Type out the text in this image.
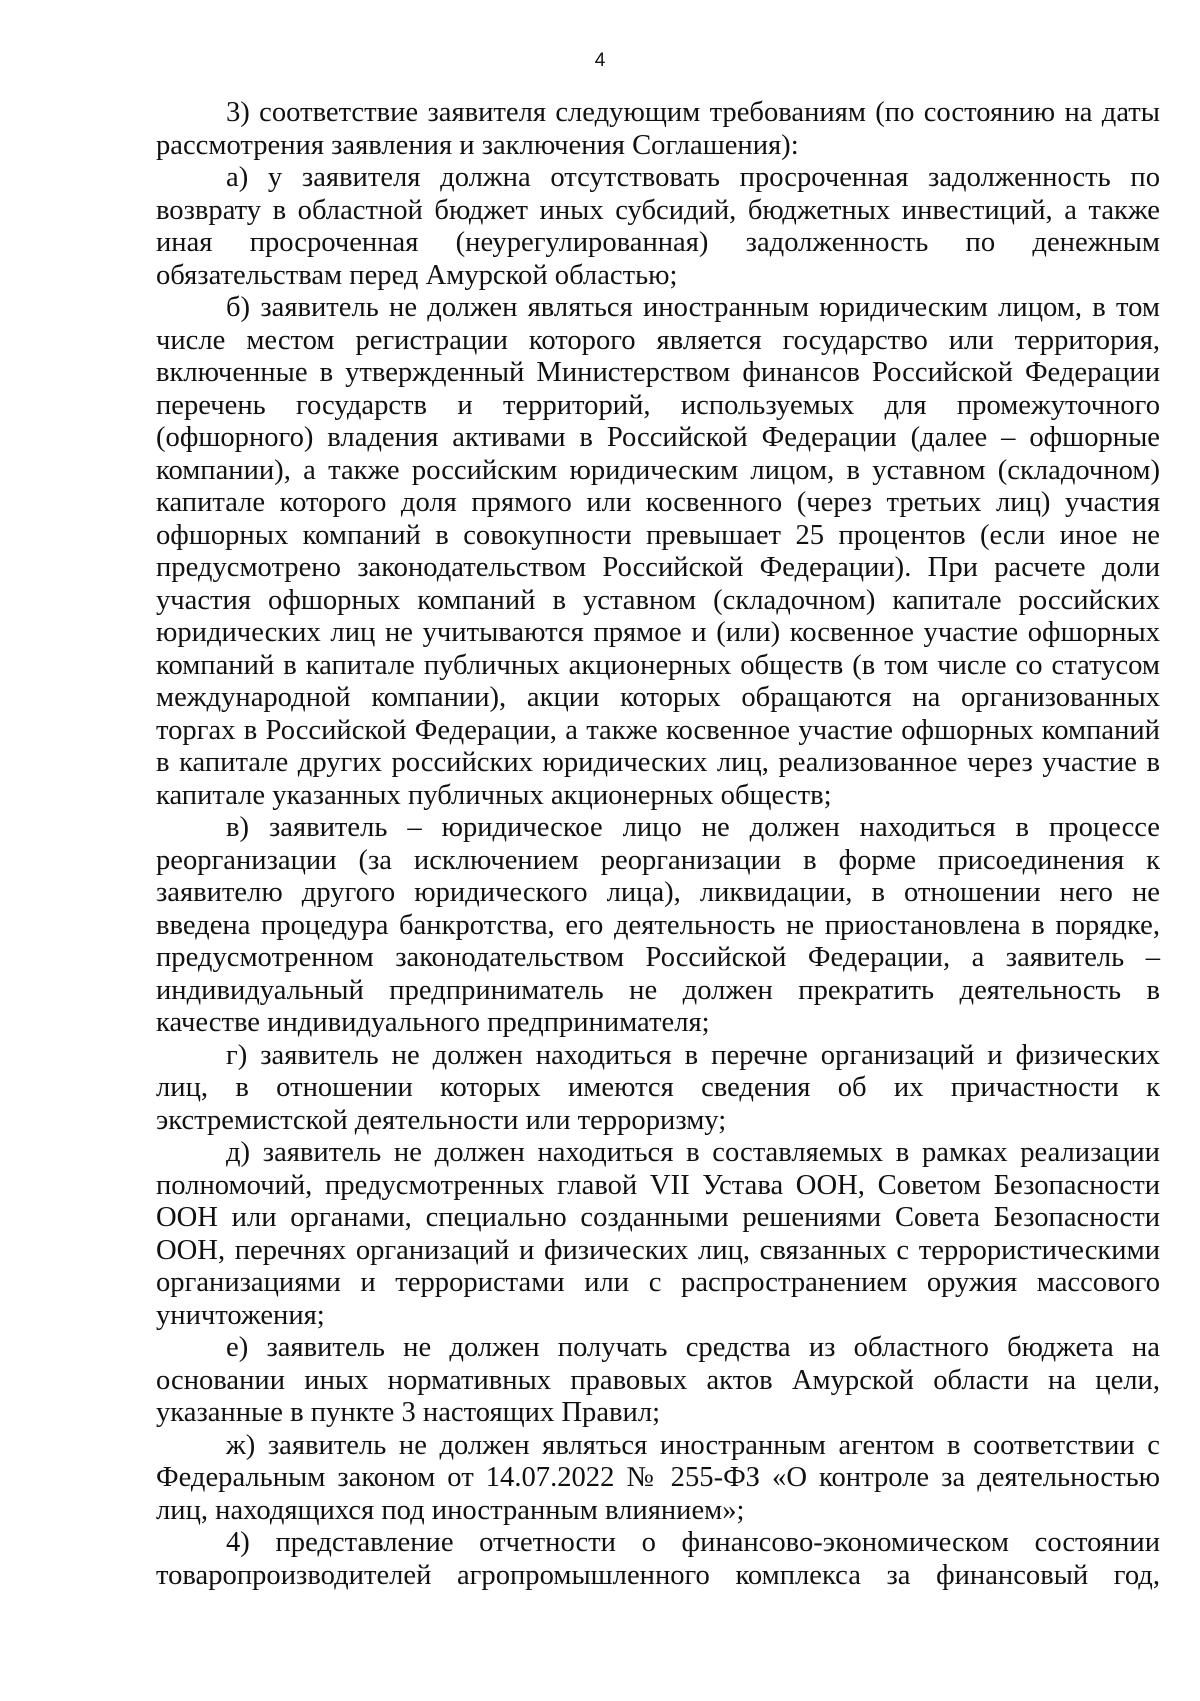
4

3) соответствие заявителя следующим требованиям (по состоянию на даты рассмотрения заявления и заключения Соглашения):

а) у заявителя должна отсутствовать просроченная задолженность по возврату в областной бюджет иных субсидий, бюджетных инвестиций, а также иная просроченная (неурегулированная) задолженность по денежным обязательствам перед Амурской областью;

б) заявитель не должен являться иностранным юридическим лицом, в том числе местом регистрации которого является государство или территория, включенные в утвержденный Министерством финансов Российской Федерации перечень государств и территорий, используемых для промежуточного (офшорного) владения активами в Российской Федерации (далее – офшорные компании), а также российским юридическим лицом, в уставном (складочном) капитале которого доля прямого или косвенного (через третьих лиц) участия офшорных компаний в совокупности превышает 25 процентов (если иное не предусмотрено законодательством Российской Федерации). При расчете доли участия офшорных компаний в уставном (складочном) капитале российских юридических лиц не учитываются прямое и (или) косвенное участие офшорных компаний в капитале публичных акционерных обществ (в том числе со статусом международной компании), акции которых обращаются на организованных торгах в Российской Федерации, а также косвенное участие офшорных компаний в капитале других российских юридических лиц, реализованное через участие в капитале указанных публичных акционерных обществ;

в) заявитель – юридическое лицо не должен находиться в процессе реорганизации (за исключением реорганизации в форме присоединения к заявителю другого юридического лица), ликвидации, в отношении него не введена процедура банкротства, его деятельность не приостановлена в порядке, предусмотренном законодательством Российской Федерации, а заявитель – индивидуальный предприниматель не должен прекратить деятельность в качестве индивидуального предпринимателя;

г) заявитель не должен находиться в перечне организаций и физических лиц, в отношении которых имеются сведения об их причастности к экстремистской деятельности или терроризму;

д) заявитель не должен находиться в составляемых в рамках реализации полномочий, предусмотренных главой VII Устава ООН, Советом Безопасности ООН или органами, специально созданными решениями Совета Безопасности ООН, перечнях организаций и физических лиц, связанных с террористическими организациями и террористами или с распространением оружия массового уничтожения;

е) заявитель не должен получать средства из областного бюджета на основании иных нормативных правовых актов Амурской области на цели, указанные в пункте 3 настоящих Правил;

ж) заявитель не должен являться иностранным агентом в соответствии с Федеральным законом от 14.07.2022 № 255-ФЗ «О контроле за деятельностью лиц, находящихся под иностранным влиянием»;

4) представление отчетности о финансово-экономическом состоянии товаропроизводителей агропромышленного комплекса за финансовый год,
